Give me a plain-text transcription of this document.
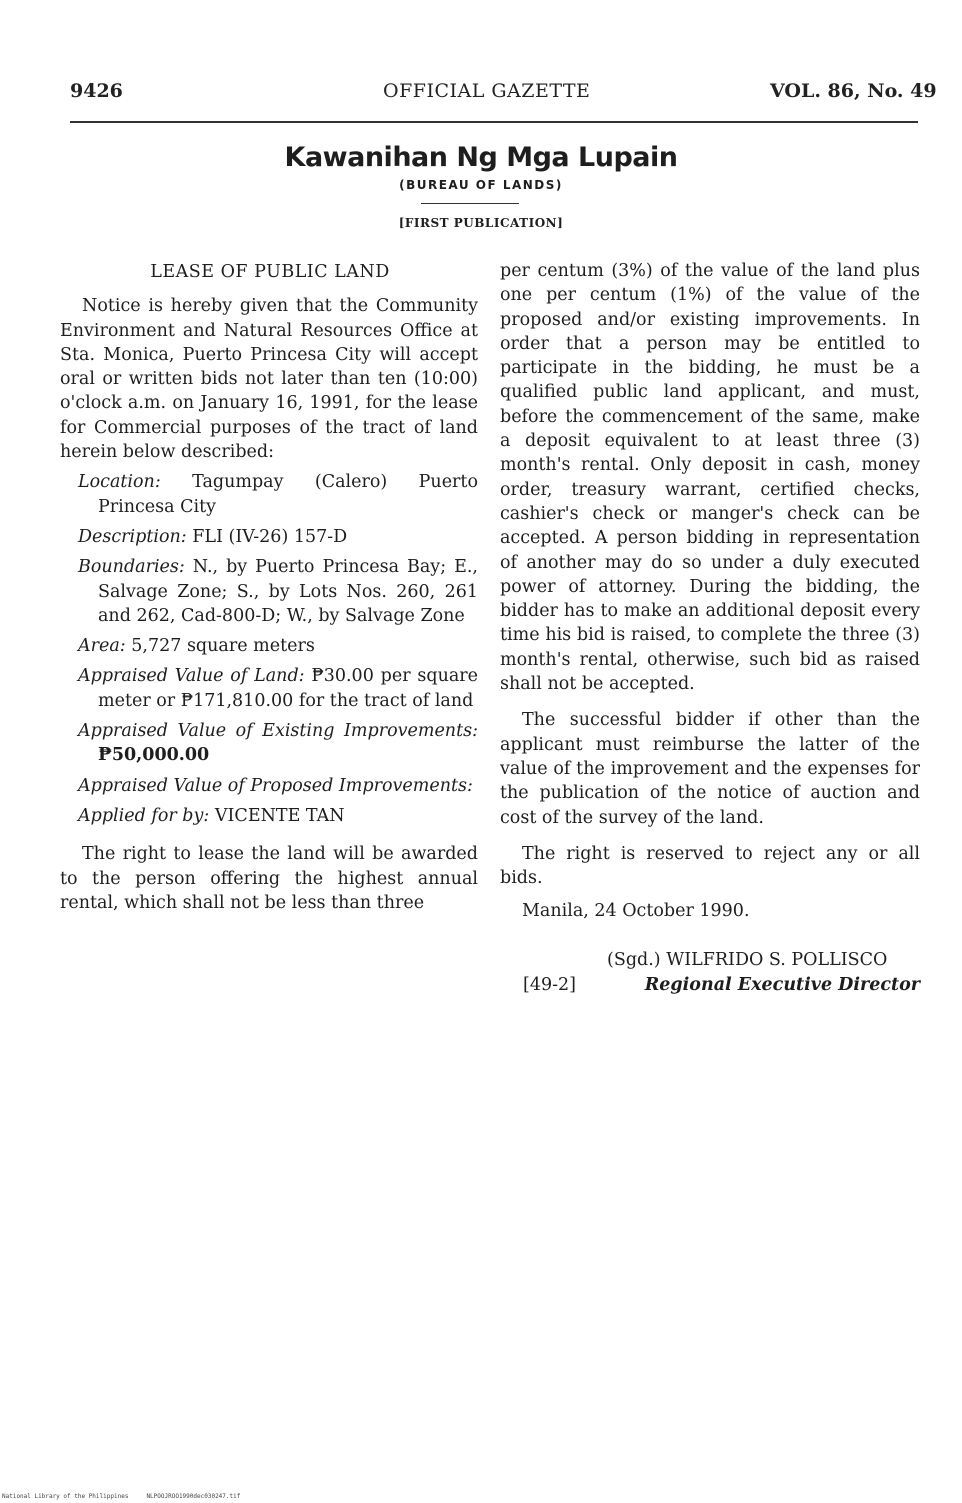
9426	OFFICIAL GAZETTE	VOL. 86, No. 49
Kawanihan Ng Mga Lupain
(BUREAU OF LANDS)
[FIRST PUBLICATION]
LEASE OF PUBLIC LAND

Notice is hereby given that the Community Environment and Natural Resources Office at Sta. Monica, Puerto Princesa City will accept oral or written bids not later than ten (10:00) o'clock a.m. on January 16, 1991, for the lease for Commercial purposes of the tract of land herein below described:

Location: Tagumpay (Calero) Puerto Princesa City

Description: FLI (IV-26) 157-D

Boundaries: N., by Puerto Princesa Bay; E., Salvage Zone; S., by Lots Nos. 260, 261 and 262, Cad-800-D; W., by Salvage Zone

Area: 5,727 square meters

Appraised Value of Land: ₱30.00 per square meter or ₱171,810.00 for the tract of land

Appraised Value of Existing Improvements: ₱50,000.00

Appraised Value of Proposed Improvements:

Applied for by: VICENTE TAN

The right to lease the land will be awarded to the person offering the highest annual rental, which shall not be less than three

per centum (3%) of the value of the land plus one per centum (1%) of the value of the proposed and/or existing improvements. In order that a person may be entitled to participate in the bidding, he must be a qualified public land applicant, and must, before the commencement of the same, make a deposit equivalent to at least three (3) month's rental. Only deposit in cash, money order, treasury warrant, certified checks, cashier's check or manger's check can be accepted. A person bidding in representation of another may do so under a duly executed power of attorney. During the bidding, the bidder has to make an additional deposit every time his bid is raised, to complete the three (3) month's rental, otherwise, such bid as raised shall not be accepted.

The successful bidder if other than the applicant must reimburse the latter of the value of the improvement and the expenses for the publication of the notice of auction and cost of the survey of the land.

The right is reserved to reject any or all bids.

Manila, 24 October 1990.

(Sgd.) WILFRIDO S. POLLISCO
[49-2]	Regional Executive Director
National Library of the Philippines	NLPOOJROO1990dec030247.tif
